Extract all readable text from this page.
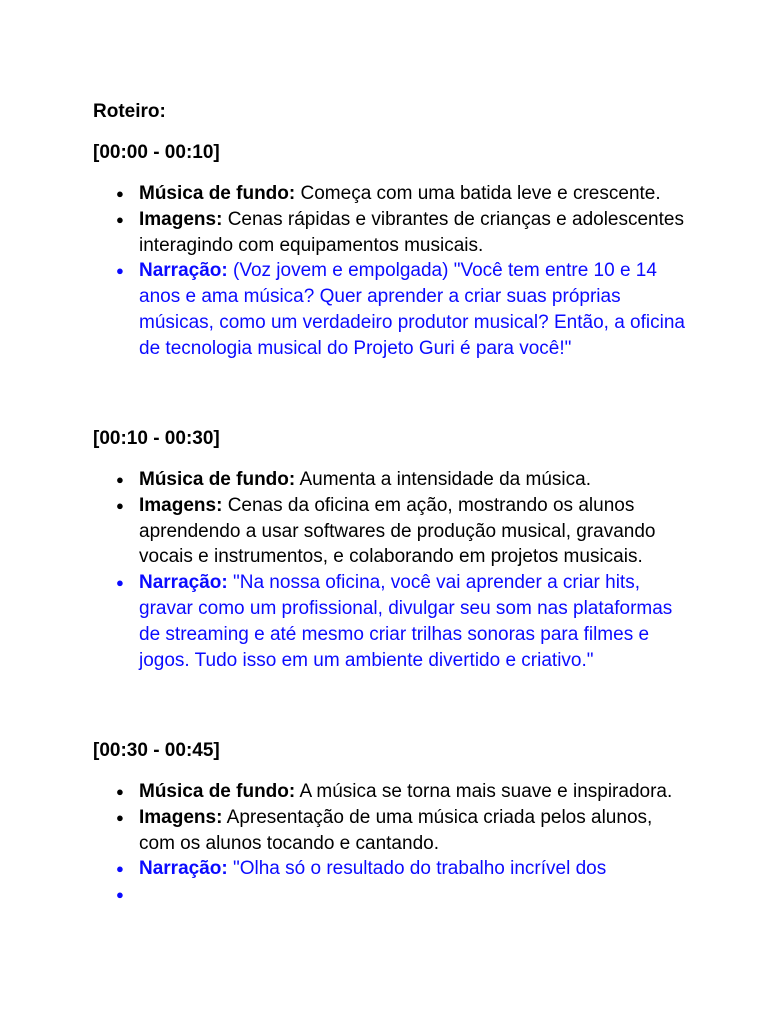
Roteiro:

[00:00 - 00:10]

● Música de fundo: Começa com uma batida leve e crescente.
● Imagens: Cenas rápidas e vibrantes de crianças e adolescentes interagindo com equipamentos musicais.
● Narração: (Voz jovem e empolgada) "Você tem entre 10 e 14 anos e ama música? Quer aprender a criar suas próprias músicas, como um verdadeiro produtor musical? Então, a oficina de tecnologia musical do Projeto Guri é para você!"

[00:10 - 00:30]

● Música de fundo: Aumenta a intensidade da música.
● Imagens: Cenas da oficina em ação, mostrando os alunos aprendendo a usar softwares de produção musical, gravando vocais e instrumentos, e colaborando em projetos musicais.
● Narração: "Na nossa oficina, você vai aprender a criar hits, gravar como um profissional, divulgar seu som nas plataformas de streaming e até mesmo criar trilhas sonoras para filmes e jogos. Tudo isso em um ambiente divertido e criativo."

[00:30 - 00:45]

● Música de fundo: A música se torna mais suave e inspiradora.
● Imagens: Apresentação de uma música criada pelos alunos, com os alunos tocando e cantando.
● Narração: "Olha só o resultado do trabalho incrível dos
●
